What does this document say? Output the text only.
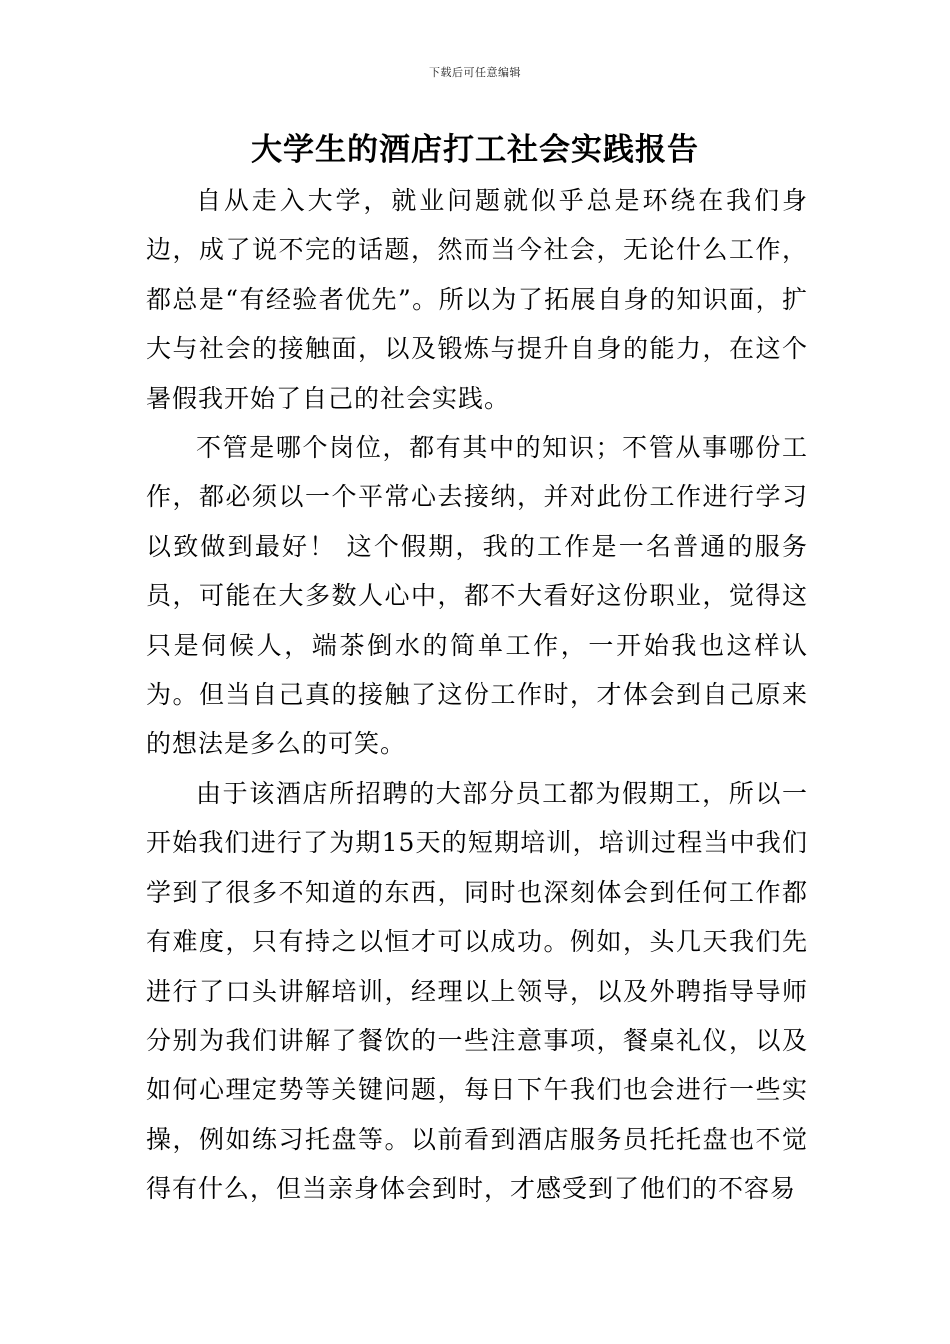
下载后可任意编辑
大学生的酒店打工社会实践报告

自从走入大学，就业问题就似乎总是环绕在我们身边，成了说不完的话题，然而当今社会，无论什么工作，都总是“有经验者优先”。所以为了拓展自身的知识面，扩大与社会的接触面，以及锻炼与提升自身的能力，在这个暑假我开始了自己的社会实践。

不管是哪个岗位，都有其中的知识；不管从事哪份工作，都必须以一个平常心去接纳，并对此份工作进行学习以致做到最好！ 这个假期，我的工作是一名普通的服务员，可能在大多数人心中，都不大看好这份职业，觉得这只是伺候人，端茶倒水的简单工作，一开始我也这样认为。但当自己真的接触了这份工作时，才体会到自己原来的想法是多么的可笑。

由于该酒店所招聘的大部分员工都为假期工，所以一开始我们进行了为期15天的短期培训，培训过程当中我们学到了很多不知道的东西，同时也深刻体会到任何工作都有难度，只有持之以恒才可以成功。例如，头几天我们先进行了口头讲解培训，经理以上领导，以及外聘指导导师分别为我们讲解了餐饮的一些注意事项，餐桌礼仪，以及如何心理定势等关键问题，每日下午我们也会进行一些实操，例如练习托盘等。以前看到酒店服务员托托盘也不觉得有什么，但当亲身体会到时，才感受到了他们的不容易
